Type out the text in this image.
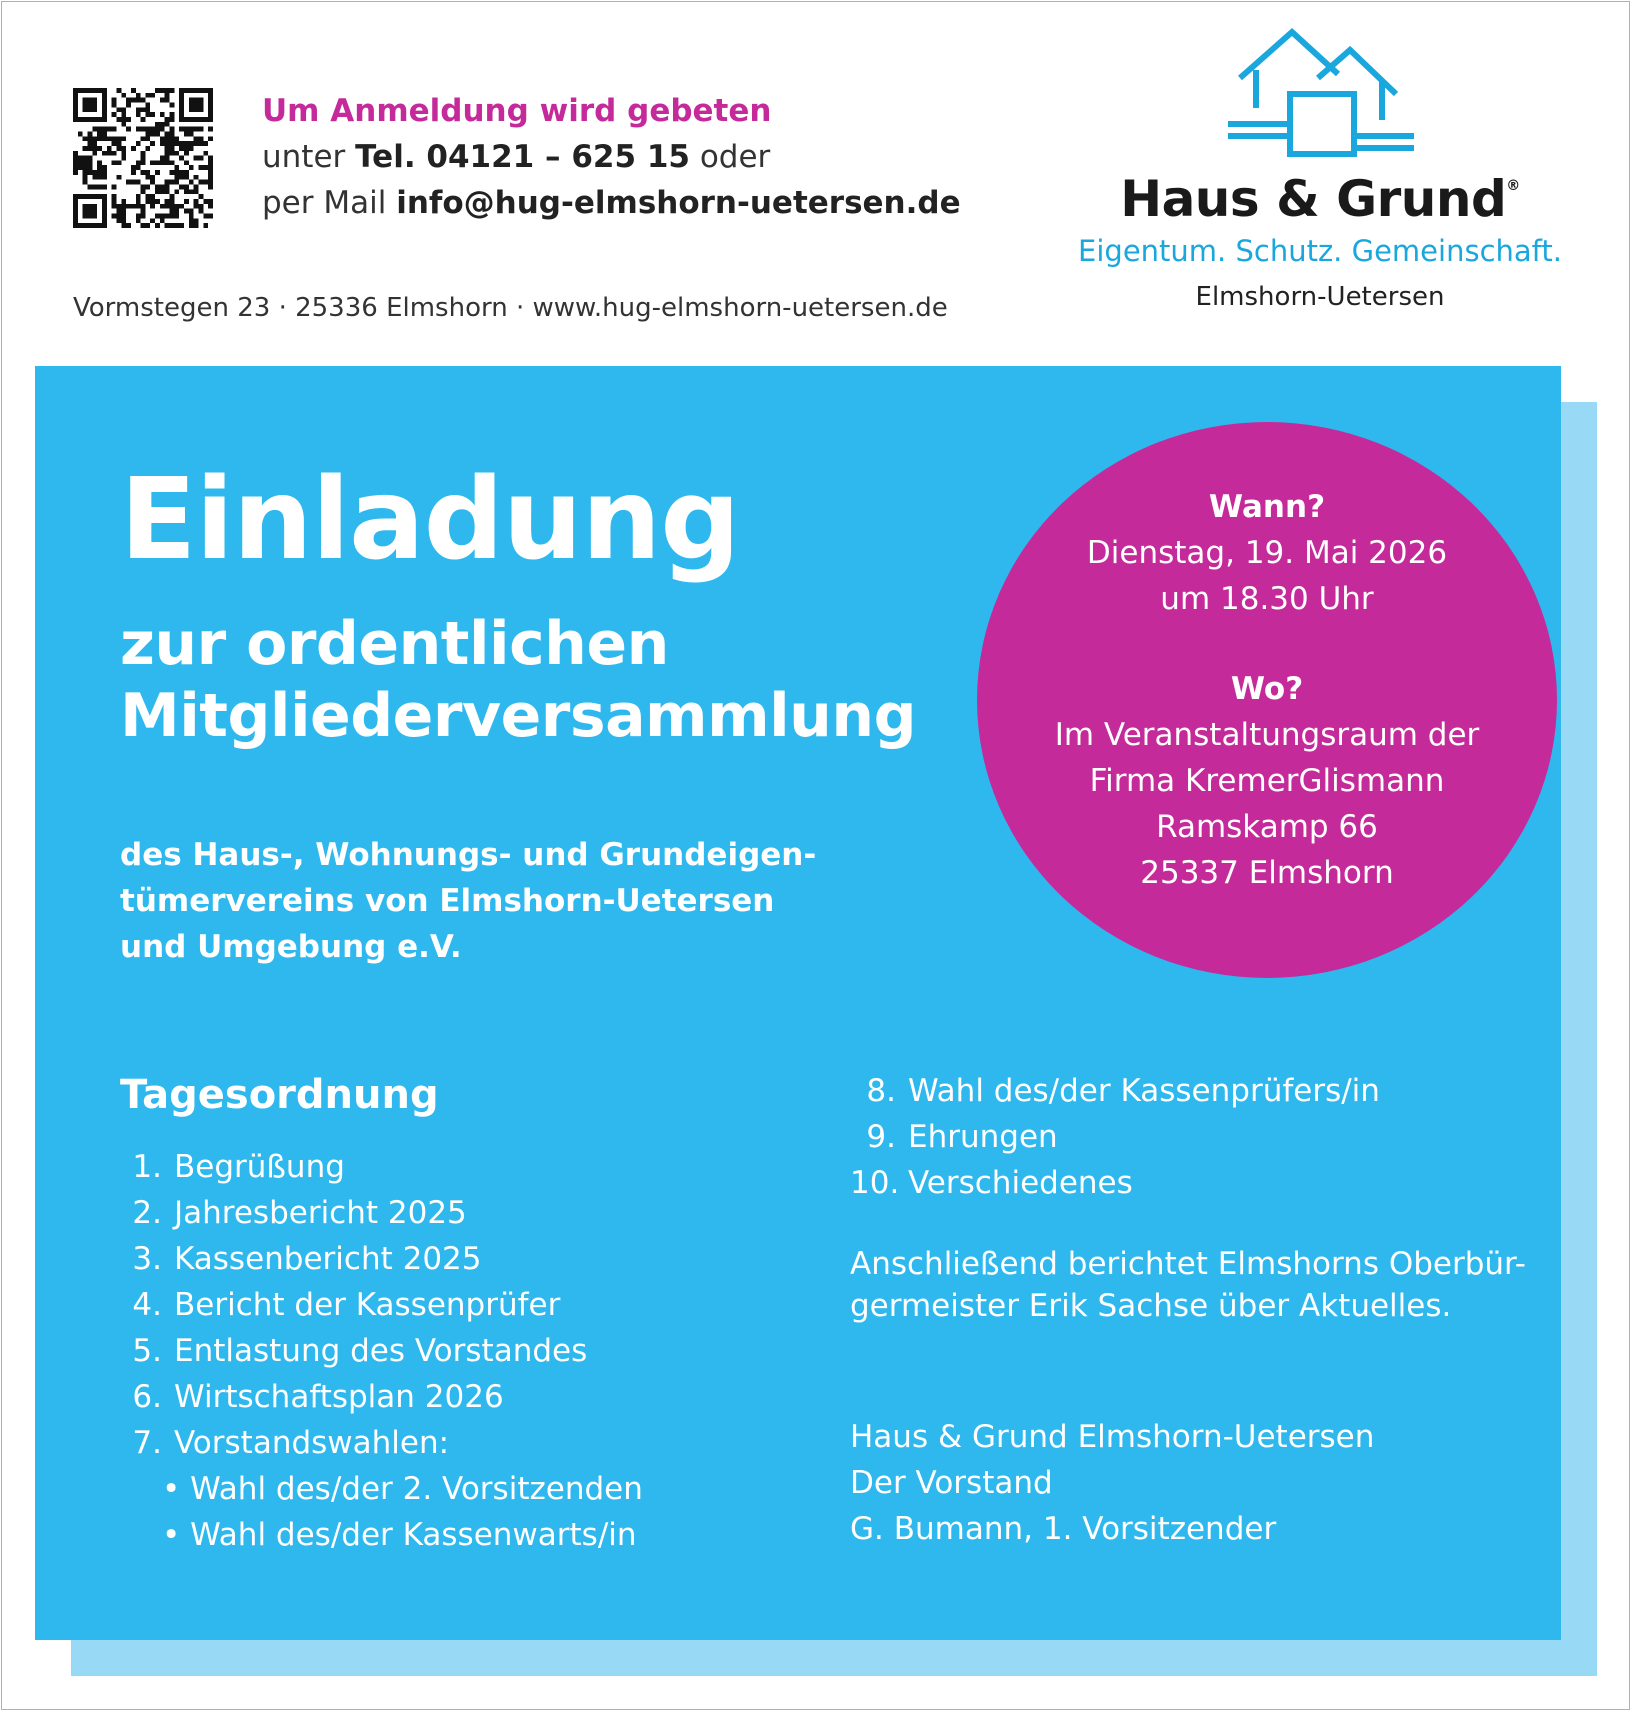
Um Anmeldung wird gebeten
unter Tel. 04121 – 625 15 oder
per Mail info@hug-elmshorn-uetersen.de
Vormstegen 23 · 25336 Elmshorn · www.hug-elmshorn-uetersen.de
Haus & Grund®
Eigentum. Schutz. Gemeinschaft.
Elmshorn-Uetersen
Einladung
zur ordentlichen
Mitgliederversammlung
des Haus-, Wohnungs- und Grundeigen-
tümervereins von Elmshorn-Uetersen
und Umgebung e.V.
Wann?
Dienstag, 19. Mai 2026
um 18.30 Uhr
Wo?
Im Veranstaltungsraum der
Firma KremerGlismann
Ramskamp 66
25337 Elmshorn
Tagesordnung
1. Begrüßung
2. Jahresbericht 2025
3. Kassenbericht 2025
4. Bericht der Kassenprüfer
5. Entlastung des Vorstandes
6. Wirtschaftsplan 2026
7. Vorstandswahlen:
• Wahl des/der 2. Vorsitzenden
• Wahl des/der Kassenwarts/in
8. Wahl des/der Kassenprüfers/in
9. Ehrungen
10. Verschiedenes
Anschließend berichtet Elmshorns Oberbür-
germeister Erik Sachse über Aktuelles.
Haus & Grund Elmshorn-Uetersen
Der Vorstand
G. Bumann, 1. Vorsitzender
